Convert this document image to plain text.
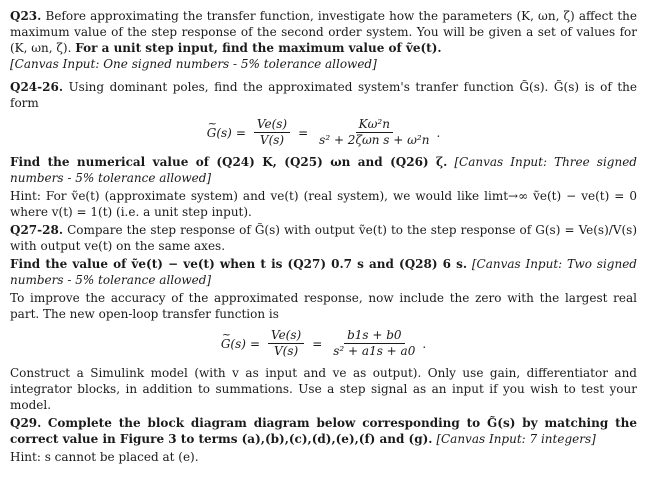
Q23. Before approximating the transfer function, investigate how the parameters (K, ωn, ζ) affect the maximum value of the step response of the second order system. You will be given a set of values for (K, ωn, ζ). For a unit step input, find the maximum value of ṽe(t).
[Canvas Input: One signed numbers - 5% tolerance allowed]

Q24-26. Using dominant poles, find the approximated system's tranfer function G̃(s). G̃(s) is of the form

~ $G(s) = \frac{Ve(s)}{V(s)} = \frac{\text{Kω²n}}{\text{s² + 2ζωn s + ω²n}}$ .

Find the numerical value of (Q24) K, (Q25) ωn and (Q26) ζ. [Canvas Input: Three signed numbers - 5% tolerance allowed]

Hint: For ṽe(t) (approximate system) and ve(t) (real system), we would like limt→∞ ṽe(t) − ve(t) = 0 where v(t) = 1(t) (i.e. a unit step input).

Q27-28. Compare the step response of G̃(s) with output ṽe(t) to the step response of G(s) = Ve(s)/V(s) with output ve(t) on the same axes.

Find the value of ṽe(t) − ve(t) when t is (Q27) 0.7 s and (Q28) 6 s. [Canvas Input: Two signed numbers - 5% tolerance allowed]

To improve the accuracy of the approximated response, now include the zero with the largest real part. The new open-loop transfer function is

~ $G(s) = \frac{Ve(s)}{V(s)} = \frac{b1s + b0}{\text{s² + a1s + a0}}$ .

Construct a Simulink model (with v as input and ve as output). Only use gain, differentiator and integrator blocks, in addition to summations. Use a step signal as an input if you wish to test your model.

Q29. Complete the block diagram diagram below corresponding to G̃(s) by matching the correct value in Figure 3 to terms (a),(b),(c),(d),(e),(f) and (g). [Canvas Input: 7 integers]

Hint: s cannot be placed at (e).
